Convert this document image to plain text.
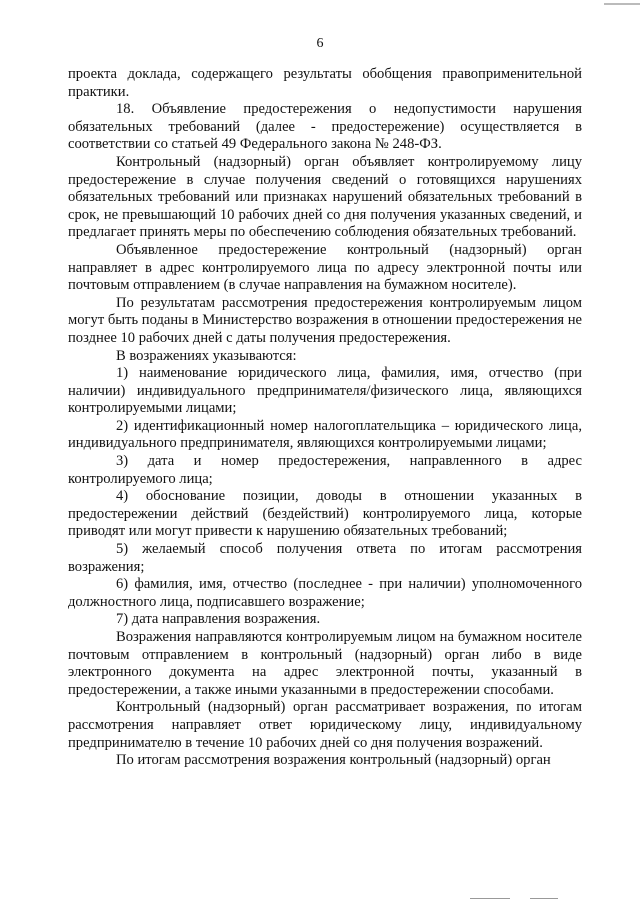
6

проекта доклада, содержащего результаты обобщения правоприменительной практики.

18. Объявление предостережения о недопустимости нарушения обязательных требований (далее - предостережение) осуществляется в соответствии со статьей 49 Федерального закона № 248-ФЗ.

Контрольный (надзорный) орган объявляет контролируемому лицу предостережение в случае получения сведений о готовящихся нарушениях обязательных требований или признаках нарушений обязательных требований в срок, не превышающий 10 рабочих дней со дня получения указанных сведений, и предлагает принять меры по обеспечению соблюдения обязательных требований.

Объявленное предостережение контрольный (надзорный) орган направляет в адрес контролируемого лица по адресу электронной почты или почтовым отправлением (в случае направления на бумажном носителе).

По результатам рассмотрения предостережения контролируемым лицом могут быть поданы в Министерство возражения в отношении предостережения не позднее 10 рабочих дней с даты получения предостережения.

В возражениях указываются:

1) наименование юридического лица, фамилия, имя, отчество (при наличии) индивидуального предпринимателя/физического лица, являющихся контролируемыми лицами;

2) идентификационный номер налогоплательщика – юридического лица, индивидуального предпринимателя, являющихся контролируемыми лицами;

3) дата и номер предостережения, направленного в адрес контролируемого лица;

4) обоснование позиции, доводы в отношении указанных в предостережении действий (бездействий) контролируемого лица, которые приводят или могут привести к нарушению обязательных требований;

5) желаемый способ получения ответа по итогам рассмотрения возражения;

6) фамилия, имя, отчество (последнее - при наличии) уполномоченного должностного лица, подписавшего возражение;

7) дата направления возражения.

Возражения направляются контролируемым лицом на бумажном носителе почтовым отправлением в контрольный (надзорный) орган либо в виде электронного документа на адрес электронной почты, указанный в предостережении, а также иными указанными в предостережении способами.

Контрольный (надзорный) орган рассматривает возражения, по итогам рассмотрения направляет ответ юридическому лицу, индивидуальному предпринимателю в течение 10 рабочих дней со дня получения возражений.

По итогам рассмотрения возражения контрольный (надзорный) орган
